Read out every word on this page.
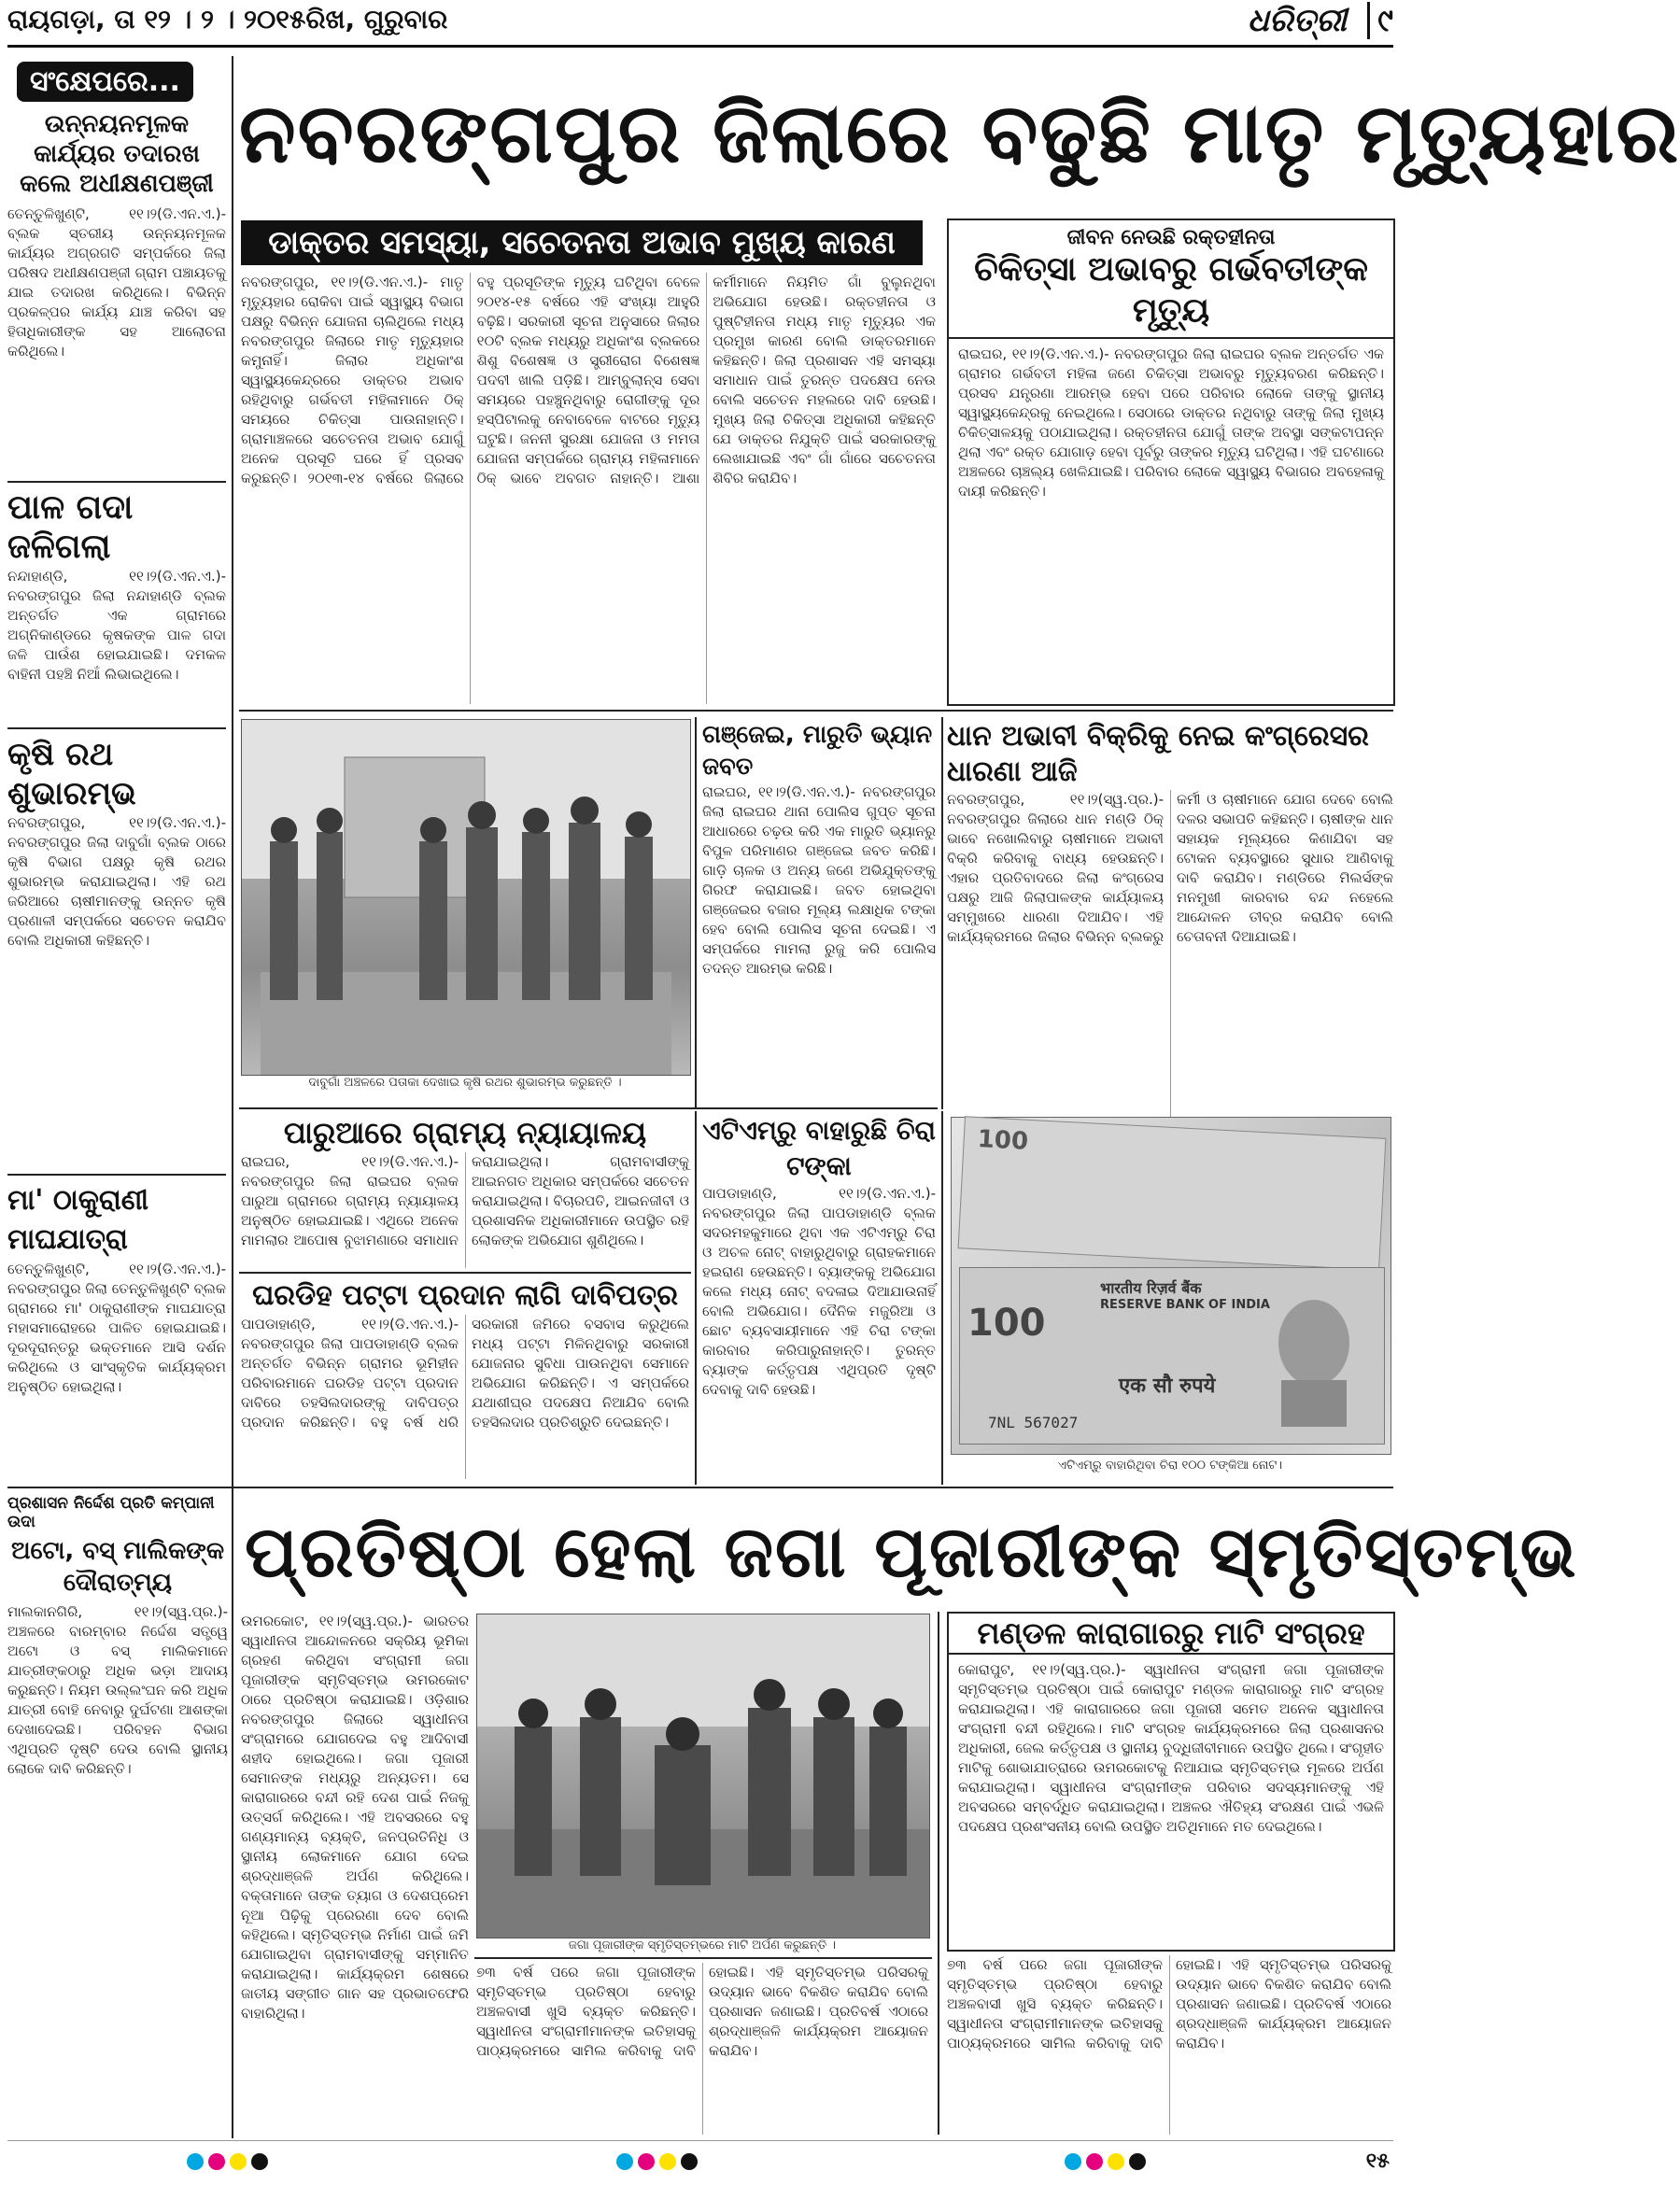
ରାୟଗଡ଼ା, ତା ୧୨ । ୨ । ୨୦୧୫ରିଖ, ଗୁରୁବାର	ଧରିତ୍ରୀ ୯
ସଂକ୍ଷେପରେ...
ଉନ୍ନୟନମୂଳକ କାର୍ଯ୍ୟର ତଦାରଖ କଲେ ଅଧୀକ୍ଷଣପଞ୍ଜୀ
ତେନ୍ତୁଳିଖୁଣ୍ଟି, ୧୧।୨(ଡି.ଏନ.ଏ.)- ବ୍ଲକ ସ୍ତରୀୟ ଉନ୍ନୟନମୂଳକ କାର୍ଯ୍ୟର ଅଗ୍ରଗତି ସମ୍ପର୍କରେ ଜିଲା ପରିଷଦ ଅଧୀକ୍ଷଣପଞ୍ଜୀ ଗ୍ରାମ ପଞ୍ଚାୟତକୁ ଯାଇ ତଦାରଖ କରିଥିଲେ। ବିଭିନ୍ନ ପ୍ରକଳ୍ପର କାର୍ଯ୍ୟ ଯାଞ୍ଚ କରିବା ସହ ହିତାଧିକାରୀଙ୍କ ସହ ଆଲୋଚନା କରିଥିଲେ।
ପାଳ ଗଦା ଜଳିଗଲା
ନନ୍ଦାହାଣ୍ଡି, ୧୧।୨(ଡି.ଏନ.ଏ.)- ନବରଙ୍ଗପୁର ଜିଲା ନନ୍ଦାହାଣ୍ଡି ବ୍ଲକ ଅନ୍ତର୍ଗତ ଏକ ଗ୍ରାମରେ ଅଗ୍ନିକାଣ୍ଡରେ କୃଷକଙ୍କ ପାଳ ଗଦା ଜଳି ପାଉଁଶ ହୋଇଯାଇଛି। ଦମକଳ ବାହିନୀ ପହଞ୍ଚି ନିଆଁ ଲିଭାଇଥିଲେ।
କୃଷି ରଥ ଶୁଭାରମ୍ଭ
ନବରଙ୍ଗପୁର, ୧୧।୨(ଡି.ଏନ.ଏ.)- ନବରଙ୍ଗପୁର ଜିଲା ଦାବୁଗାଁ ବ୍ଲକ ଠାରେ କୃଷି ବିଭାଗ ପକ୍ଷରୁ କୃଷି ରଥର ଶୁଭାରମ୍ଭ କରାଯାଇଥିଲା। ଏହି ରଥ ଜରିଆରେ ଚାଷୀମାନଙ୍କୁ ଉନ୍ନତ କୃଷି ପ୍ରଣାଳୀ ସମ୍ପର୍କରେ ସଚେତନ କରାଯିବ ବୋଲି ଅଧିକାରୀ କହିଛନ୍ତି।
ମା' ଠାକୁରାଣୀ ମାଘଯାତ୍ରା
ତେନ୍ତୁଳିଖୁଣ୍ଟି, ୧୧।୨(ଡି.ଏନ.ଏ.)- ନବରଙ୍ଗପୁର ଜିଲା ତେନ୍ତୁଳିଖୁଣ୍ଟି ବ୍ଲକ ଗ୍ରାମରେ ମା' ଠାକୁରାଣୀଙ୍କ ମାଘଯାତ୍ରା ମହାସମାରୋହରେ ପାଳିତ ହୋଇଯାଇଛି। ଦୂରଦୂରାନ୍ତରୁ ଭକ୍ତମାନେ ଆସି ଦର୍ଶନ କରିଥିଲେ ଓ ସାଂସ୍କୃତିକ କାର୍ଯ୍ୟକ୍ରମ ଅନୁଷ୍ଠିତ ହୋଇଥିଲା।
ନବରଙ୍ଗପୁର ଜିଲାରେ ବଢୁଛି ମାତୃ ମୃତ୍ୟୁହାର
ଡାକ୍ତର ସମସ୍ୟା, ସଚେତନତା ଅଭାବ ମୁଖ୍ୟ କାରଣ
ନବରଙ୍ଗପୁର, ୧୧।୨(ଡି.ଏନ.ଏ.)- ମାତୃ ମୃତ୍ୟୁହାର ରୋକିବା ପାଇଁ ସ୍ୱାସ୍ଥ୍ୟ ବିଭାଗ ପକ୍ଷରୁ ବିଭିନ୍ନ ଯୋଜନା ଚାଲିଥିଲେ ମଧ୍ୟ ନବରଙ୍ଗପୁର ଜିଲାରେ ମାତୃ ମୃତ୍ୟୁହାର କମୁନାହିଁ। ଜିଲାର ଅଧିକାଂଶ ସ୍ୱାସ୍ଥ୍ୟକେନ୍ଦ୍ରରେ ଡାକ୍ତର ଅଭାବ ରହିଥିବାରୁ ଗର୍ଭବତୀ ମହିଳାମାନେ ଠିକ୍ ସମୟରେ ଚିକିତ୍ସା ପାଉନାହାନ୍ତି। ଗ୍ରାମାଞ୍ଚଳରେ ସଚେତନତା ଅଭାବ ଯୋଗୁଁ ଅନେକ ପ୍ରସୂତି ଘରେ ହିଁ ପ୍ରସବ କରୁଛନ୍ତି। ୨୦୧୩-୧୪ ବର୍ଷରେ ଜିଲାରେ ବହୁ ପ୍ରସୂତିଙ୍କ ମୃତ୍ୟୁ ଘଟିଥିବା ବେଳେ ୨୦୧୪-୧୫ ବର୍ଷରେ ଏହି ସଂଖ୍ୟା ଆହୁରି ବଢ଼ିଛି। ସରକାରୀ ସୂଚନା ଅନୁସାରେ ଜିଲାର ୧୦ଟି ବ୍ଲକ ମଧ୍ୟରୁ ଅଧିକାଂଶ ବ୍ଲକରେ ଶିଶୁ ବିଶେଷଜ୍ଞ ଓ ସ୍ତ୍ରୀରୋଗ ବିଶେଷଜ୍ଞ ପଦବୀ ଖାଲି ପଡ଼ିଛି। ଆମ୍ବୁଲାନ୍ସ ସେବା ସମୟରେ ପହଞ୍ଚୁନଥିବାରୁ ରୋଗୀଙ୍କୁ ଦୂର ହସ୍ପିଟାଲକୁ ନେବାବେଳେ ବାଟରେ ମୃତ୍ୟୁ ଘଟୁଛି। ଜନନୀ ସୁରକ୍ଷା ଯୋଜନା ଓ ମମତା ଯୋଜନା ସମ୍ପର୍କରେ ଗ୍ରାମ୍ୟ ମହିଳାମାନେ ଠିକ୍ ଭାବେ ଅବଗତ ନାହାନ୍ତି। ଆଶା କର୍ମୀମାନେ ନିୟମିତ ଗାଁ ବୁଲୁନଥିବା ଅଭିଯୋଗ ହେଉଛି। ରକ୍ତହୀନତା ଓ ପୁଷ୍ଟିହୀନତା ମଧ୍ୟ ମାତୃ ମୃତ୍ୟୁର ଏକ ପ୍ରମୁଖ କାରଣ ବୋଲି ଡାକ୍ତରମାନେ କହିଛନ୍ତି। ଜିଲା ପ୍ରଶାସନ ଏହି ସମସ୍ୟା ସମାଧାନ ପାଇଁ ତୁରନ୍ତ ପଦକ୍ଷେପ ନେଉ ବୋଲି ସଚେତନ ମହଲରେ ଦାବି ହେଉଛି। ମୁଖ୍ୟ ଜିଲା ଚିକିତ୍ସା ଅଧିକାରୀ କହିଛନ୍ତି ଯେ ଡାକ୍ତର ନିଯୁକ୍ତି ପାଇଁ ସରକାରଙ୍କୁ ଲେଖାଯାଇଛି ଏବଂ ଗାଁ ଗାଁରେ ସଚେତନତା ଶିବିର କରାଯିବ।
ଜୀବନ ନେଉଛି ରକ୍ତହୀନତା
ଚିକିତ୍ସା ଅଭାବରୁ ଗର୍ଭବତୀଙ୍କ ମୃତ୍ୟୁ
ରାଇଘର, ୧୧।୨(ଡି.ଏନ.ଏ.)- ନବରଙ୍ଗପୁର ଜିଲା ରାଇଘର ବ୍ଲକ ଅନ୍ତର୍ଗତ ଏକ ଗ୍ରାମର ଗର୍ଭବତୀ ମହିଳା ଜଣେ ଚିକିତ୍ସା ଅଭାବରୁ ମୃତ୍ୟୁବରଣ କରିଛନ୍ତି। ପ୍ରସବ ଯନ୍ତ୍ରଣା ଆରମ୍ଭ ହେବା ପରେ ପରିବାର ଲୋକେ ତାଙ୍କୁ ସ୍ଥାନୀୟ ସ୍ୱାସ୍ଥ୍ୟକେନ୍ଦ୍ରକୁ ନେଇଥିଲେ। ସେଠାରେ ଡାକ୍ତର ନଥିବାରୁ ତାଙ୍କୁ ଜିଲା ମୁଖ୍ୟ ଚିକିତ୍ସାଳୟକୁ ପଠାଯାଇଥିଲା। ରକ୍ତହୀନତା ଯୋଗୁଁ ତାଙ୍କ ଅବସ୍ଥା ସଙ୍କଟାପନ୍ନ ଥିଲା ଏବଂ ରକ୍ତ ଯୋଗାଡ଼ ହେବା ପୂର୍ବରୁ ତାଙ୍କର ମୃତ୍ୟୁ ଘଟିଥିଲା। ଏହି ଘଟଣାରେ ଅଞ୍ଚଳରେ ଚାଞ୍ଚଲ୍ୟ ଖେଳିଯାଇଛି। ପରିବାର ଲୋକେ ସ୍ୱାସ୍ଥ୍ୟ ବିଭାଗର ଅବହେଳାକୁ ଦାୟୀ କରିଛନ୍ତି।
ଦାବୁଗାଁ ଅଞ୍ଚଳରେ ପତାକା ଦେଖାଇ କୃଷି ରଥର ଶୁଭାରମ୍ଭ କରୁଛନ୍ତି ।
ଗଞ୍ଜେଇ, ମାରୁତି ଭ୍ୟାନ ଜବତ
ରାଇଘର, ୧୧।୨(ଡି.ଏନ.ଏ.)- ନବରଙ୍ଗପୁର ଜିଲା ରାଇଘର ଥାନା ପୋଲିସ ଗୁପ୍ତ ସୂଚନା ଆଧାରରେ ଚଢ଼ଉ କରି ଏକ ମାରୁତି ଭ୍ୟାନରୁ ବିପୁଳ ପରିମାଣର ଗଞ୍ଜେଇ ଜବତ କରିଛି। ଗାଡ଼ି ଚାଳକ ଓ ଅନ୍ୟ ଜଣେ ଅଭିଯୁକ୍ତଙ୍କୁ ଗିରଫ କରାଯାଇଛି। ଜବତ ହୋଇଥିବା ଗଞ୍ଜେଇର ବଜାର ମୂଲ୍ୟ ଲକ୍ଷାଧିକ ଟଙ୍କା ହେବ ବୋଲି ପୋଲିସ ସୂଚନା ଦେଇଛି। ଏ ସମ୍ପର୍କରେ ମାମଲା ରୁଜୁ କରି ପୋଲିସ ତଦନ୍ତ ଆରମ୍ଭ କରିଛି।
ଧାନ ଅଭାବୀ ବିକ୍ରିକୁ ନେଇ କଂଗ୍ରେସର ଧାରଣା ଆଜି
ନବରଙ୍ଗପୁର, ୧୧।୨(ସ୍ୱ.ପ୍ର.)- ନବରଙ୍ଗପୁର ଜିଲାରେ ଧାନ ମଣ୍ଡି ଠିକ୍ ଭାବେ ନଖୋଲିବାରୁ ଚାଷୀମାନେ ଅଭାବୀ ବିକ୍ରି କରିବାକୁ ବାଧ୍ୟ ହେଉଛନ୍ତି। ଏହାର ପ୍ରତିବାଦରେ ଜିଲା କଂଗ୍ରେସ ପକ୍ଷରୁ ଆଜି ଜିଲାପାଳଙ୍କ କାର୍ଯ୍ୟାଳୟ ସମ୍ମୁଖରେ ଧାରଣା ଦିଆଯିବ। ଏହି କାର୍ଯ୍ୟକ୍ରମରେ ଜିଲାର ବିଭିନ୍ନ ବ୍ଲକରୁ କର୍ମୀ ଓ ଚାଷୀମାନେ ଯୋଗ ଦେବେ ବୋଲି ଦଳର ସଭାପତି କହିଛନ୍ତି। ଚାଷୀଙ୍କ ଧାନ ସହାୟକ ମୂଲ୍ୟରେ କିଣାଯିବା ସହ ଟୋକନ ବ୍ୟବସ୍ଥାରେ ସୁଧାର ଆଣିବାକୁ ଦାବି କରାଯିବ। ମଣ୍ଡିରେ ମିଲର୍ସଙ୍କ ମନମୁଖୀ କାରବାର ବନ୍ଦ ନହେଲେ ଆନ୍ଦୋଳନ ତୀବ୍ର କରାଯିବ ବୋଲି ଚେତାବନୀ ଦିଆଯାଇଛି।
ପାରୁଆରେ ଗ୍ରାମ୍ୟ ନ୍ୟାୟାଳୟ
ରାଇଘର, ୧୧।୨(ଡି.ଏନ.ଏ.)- ନବରଙ୍ଗପୁର ଜିଲା ରାଇଘର ବ୍ଲକ ପାରୁଆ ଗ୍ରାମରେ ଗ୍ରାମ୍ୟ ନ୍ୟାୟାଳୟ ଅନୁଷ୍ଠିତ ହୋଇଯାଇଛି। ଏଥିରେ ଅନେକ ମାମଲାର ଆପୋଷ ବୁଝାମଣାରେ ସମାଧାନ କରାଯାଇଥିଲା। ଗ୍ରାମବାସୀଙ୍କୁ ଆଇନଗତ ଅଧିକାର ସମ୍ପର୍କରେ ସଚେତନ କରାଯାଇଥିଲା। ବିଚାରପତି, ଆଇନଜୀବୀ ଓ ପ୍ରଶାସନିକ ଅଧିକାରୀମାନେ ଉପସ୍ଥିତ ରହି ଲୋକଙ୍କ ଅଭିଯୋଗ ଶୁଣିଥିଲେ।
ଏଟିଏମ୍‌ରୁ ବାହାରୁଛି ଚିରା ଟଙ୍କା
ପାପଡାହାଣ୍ଡି, ୧୧।୨(ଡି.ଏନ.ଏ.)- ନବରଙ୍ଗପୁର ଜିଲା ପାପଡାହାଣ୍ଡି ବ୍ଲକ ସଦରମହକୁମାରେ ଥିବା ଏକ ଏଟିଏମ୍‌ରୁ ଚିରା ଓ ଅଚଳ ନୋଟ୍ ବାହାରୁଥିବାରୁ ଗ୍ରାହକମାନେ ହଇରାଣ ହେଉଛନ୍ତି। ବ୍ୟାଙ୍କକୁ ଅଭିଯୋଗ କଲେ ମଧ୍ୟ ନୋଟ୍ ବଦଳାଇ ଦିଆଯାଉନାହିଁ ବୋଲି ଅଭିଯୋଗ। ଦୈନିକ ମଜୁରିଆ ଓ ଛୋଟ ବ୍ୟବସାୟୀମାନେ ଏହି ଚିରା ଟଙ୍କା କାରବାର କରିପାରୁନାହାନ୍ତି। ତୁରନ୍ତ ବ୍ୟାଙ୍କ କର୍ତ୍ତୃପକ୍ଷ ଏଥିପ୍ରତି ଦୃଷ୍ଟି ଦେବାକୁ ଦାବି ହେଉଛି।
ଘରଡିହ ପଟ୍ଟା ପ୍ରଦାନ ଲାଗି ଦାବିପତ୍ର
ପାପଡାହାଣ୍ଡି, ୧୧।୨(ଡି.ଏନ.ଏ.)- ନବରଙ୍ଗପୁର ଜିଲା ପାପଡାହାଣ୍ଡି ବ୍ଲକ ଅନ୍ତର୍ଗତ ବିଭିନ୍ନ ଗ୍ରାମର ଭୂମିହୀନ ପରିବାରମାନେ ଘରଡିହ ପଟ୍ଟା ପ୍ରଦାନ ଦାବିରେ ତହସିଲଦାରଙ୍କୁ ଦାବିପତ୍ର ପ୍ରଦାନ କରିଛନ୍ତି। ବହୁ ବର୍ଷ ଧରି ସରକାରୀ ଜମିରେ ବସବାସ କରୁଥିଲେ ମଧ୍ୟ ପଟ୍ଟା ମିଳିନଥିବାରୁ ସରକାରୀ ଯୋଜନାର ସୁବିଧା ପାଉନଥିବା ସେମାନେ ଅଭିଯୋଗ କରିଛନ୍ତି। ଏ ସମ୍ପର୍କରେ ଯଥାଶୀଘ୍ର ପଦକ୍ଷେପ ନିଆଯିବ ବୋଲି ତହସିଲଦାର ପ୍ରତିଶ୍ରୁତି ଦେଇଛନ୍ତି।
100
भारतीय रिज़र्व बैंक
RESERVE BANK OF INDIA
100
एक सौ रुपये
7NL 567027
ଏଟିଏମ୍‌ରୁ ବାହାରିଥିବା ଚିରା ୧୦୦ ଟଙ୍କିଆ ନୋଟ।
ପ୍ରଶାସନ ନିର୍ଦ୍ଦେଶ ପ୍ରତି କମ୍ପାନୀ ଉଦା
ଅଟୋ, ବସ୍ ମାଲିକଙ୍କ ଦୌରାତ୍ମ୍ୟ
ମାଲକାନଗିରି, ୧୧।୨(ସ୍ୱ.ପ୍ର.)- ଅଞ୍ଚଳରେ ବାରମ୍ବାର ନିର୍ଦ୍ଦେଶ ସତ୍ତ୍ୱେ ଅଟୋ ଓ ବସ୍ ମାଲିକମାନେ ଯାତ୍ରୀଙ୍କଠାରୁ ଅଧିକ ଭଡ଼ା ଆଦାୟ କରୁଛନ୍ତି। ନିୟମ ଉଲ୍ଲଂଘନ କରି ଅଧିକ ଯାତ୍ରୀ ବୋହି ନେବାରୁ ଦୁର୍ଘଟଣା ଆଶଙ୍କା ଦେଖାଦେଇଛି। ପରିବହନ ବିଭାଗ ଏଥିପ୍ରତି ଦୃଷ୍ଟି ଦେଉ ବୋଲି ସ୍ଥାନୀୟ ଲୋକେ ଦାବି କରିଛନ୍ତି।
ପ୍ରତିଷ୍ଠା ହେଲା ଜଗା ପୂଜାରୀଙ୍କ ସ୍ମୃତିସ୍ତମ୍ଭ
ଉମରକୋଟ, ୧୧।୨(ସ୍ୱ.ପ୍ର.)- ଭାରତର ସ୍ୱାଧୀନତା ଆନ୍ଦୋଳନରେ ସକ୍ରିୟ ଭୂମିକା ଗ୍ରହଣ କରିଥିବା ସଂଗ୍ରାମୀ ଜଗା ପୂଜାରୀଙ୍କ ସ୍ମୃତିସ୍ତମ୍ଭ ଉମରକୋଟ ଠାରେ ପ୍ରତିଷ୍ଠା କରାଯାଇଛି। ଓଡ଼ିଶାର ନବରଙ୍ଗପୁର ଜିଲାରେ ସ୍ୱାଧୀନତା ସଂଗ୍ରାମରେ ଯୋଗଦେଇ ବହୁ ଆଦିବାସୀ ଶହୀଦ ହୋଇଥିଲେ। ଜଗା ପୂଜାରୀ ସେମାନଙ୍କ ମଧ୍ୟରୁ ଅନ୍ୟତମ। ସେ କାରାଗାରରେ ବନ୍ଦୀ ରହି ଦେଶ ପାଇଁ ନିଜକୁ ଉତ୍ସର୍ଗ କରିଥିଲେ। ଏହି ଅବସରରେ ବହୁ ଗଣ୍ୟମାନ୍ୟ ବ୍ୟକ୍ତି, ଜନପ୍ରତିନିଧି ଓ ସ୍ଥାନୀୟ ଲୋକମାନେ ଯୋଗ ଦେଇ ଶ୍ରଦ୍ଧାଞ୍ଜଳି ଅର୍ପଣ କରିଥିଲେ। ବକ୍ତାମାନେ ତାଙ୍କ ତ୍ୟାଗ ଓ ଦେଶପ୍ରେମ ନୂଆ ପିଢ଼ିକୁ ପ୍ରେରଣା ଦେବ ବୋଲି କହିଥିଲେ। ସ୍ମୃତିସ୍ତମ୍ଭ ନିର୍ମାଣ ପାଇଁ ଜମି ଯୋଗାଇଥିବା ଗ୍ରାମବାସୀଙ୍କୁ ସମ୍ମାନିତ କରାଯାଇଥିଲା। କାର୍ଯ୍ୟକ୍ରମ ଶେଷରେ ଜାତୀୟ ସଙ୍ଗୀତ ଗାନ ସହ ପ୍ରଭାତଫେରି ବାହାରିଥିଲା।
ଜଗା ପୂଜାରୀଙ୍କ ସ୍ମୃତିସ୍ତମ୍ଭରେ ମାଟି ଅର୍ପଣ କରୁଛନ୍ତି ।
୭୩ ବର୍ଷ ପରେ ଜଗା ପୂଜାରୀଙ୍କ ସ୍ମୃତିସ୍ତମ୍ଭ ପ୍ରତିଷ୍ଠା ହେବାରୁ ଅଞ୍ଚଳବାସୀ ଖୁସି ବ୍ୟକ୍ତ କରିଛନ୍ତି। ସ୍ୱାଧୀନତା ସଂଗ୍ରାମୀମାନଙ୍କ ଇତିହାସକୁ ପାଠ୍ୟକ୍ରମରେ ସାମିଲ କରିବାକୁ ଦାବି ହୋଇଛି। ଏହି ସ୍ମୃତିସ୍ତମ୍ଭ ପରିସରକୁ ଉଦ୍ୟାନ ଭାବେ ବିକଶିତ କରାଯିବ ବୋଲି ପ୍ରଶାସନ ଜଣାଇଛି। ପ୍ରତିବର୍ଷ ଏଠାରେ ଶ୍ରଦ୍ଧାଞ୍ଜଳି କାର୍ଯ୍ୟକ୍ରମ ଆୟୋଜନ କରାଯିବ।
ମଣ୍ଡଳ କାରାଗାରରୁ ମାଟି ସଂଗ୍ରହ
କୋରାପୁଟ, ୧୧।୨(ସ୍ୱ.ପ୍ର.)- ସ୍ୱାଧୀନତା ସଂଗ୍ରାମୀ ଜଗା ପୂଜାରୀଙ୍କ ସ୍ମୃତିସ୍ତମ୍ଭ ପ୍ରତିଷ୍ଠା ପାଇଁ କୋରାପୁଟ ମଣ୍ଡଳ କାରାଗାରରୁ ମାଟି ସଂଗ୍ରହ କରାଯାଇଥିଲା। ଏହି କାରାଗାରରେ ଜଗା ପୂଜାରୀ ସମେତ ଅନେକ ସ୍ୱାଧୀନତା ସଂଗ୍ରାମୀ ବନ୍ଦୀ ରହିଥିଲେ। ମାଟି ସଂଗ୍ରହ କାର୍ଯ୍ୟକ୍ରମରେ ଜିଲା ପ୍ରଶାସନର ଅଧିକାରୀ, ଜେଲ କର୍ତ୍ତୃପକ୍ଷ ଓ ସ୍ଥାନୀୟ ବୁଦ୍ଧିଜୀବୀମାନେ ଉପସ୍ଥିତ ଥିଲେ। ସଂଗୃହୀତ ମାଟିକୁ ଶୋଭାଯାତ୍ରାରେ ଉମରକୋଟକୁ ନିଆଯାଇ ସ୍ମୃତିସ୍ତମ୍ଭ ମୂଳରେ ଅର୍ପଣ କରାଯାଇଥିଲା। ସ୍ୱାଧୀନତା ସଂଗ୍ରାମୀଙ୍କ ପରିବାର ସଦସ୍ୟମାନଙ୍କୁ ଏହି ଅବସରରେ ସମ୍ବର୍ଦ୍ଧିତ କରାଯାଇଥିଲା। ଅଞ୍ଚଳର ଐତିହ୍ୟ ସଂରକ୍ଷଣ ପାଇଁ ଏଭଳି ପଦକ୍ଷେପ ପ୍ରଶଂସନୀୟ ବୋଲି ଉପସ୍ଥିତ ଅତିଥିମାନେ ମତ ଦେଇଥିଲେ।
୭୩ ବର୍ଷ ପରେ ଜଗା ପୂଜାରୀଙ୍କ ସ୍ମୃତିସ୍ତମ୍ଭ ପ୍ରତିଷ୍ଠା ହେବାରୁ ଅଞ୍ଚଳବାସୀ ଖୁସି ବ୍ୟକ୍ତ କରିଛନ୍ତି। ସ୍ୱାଧୀନତା ସଂଗ୍ରାମୀମାନଙ୍କ ଇତିହାସକୁ ପାଠ୍ୟକ୍ରମରେ ସାମିଲ କରିବାକୁ ଦାବି ହୋଇଛି। ଏହି ସ୍ମୃତିସ୍ତମ୍ଭ ପରିସରକୁ ଉଦ୍ୟାନ ଭାବେ ବିକଶିତ କରାଯିବ ବୋଲି ପ୍ରଶାସନ ଜଣାଇଛି। ପ୍ରତିବର୍ଷ ଏଠାରେ ଶ୍ରଦ୍ଧାଞ୍ଜଳି କାର୍ଯ୍ୟକ୍ରମ ଆୟୋଜନ କରାଯିବ।

୧୫
